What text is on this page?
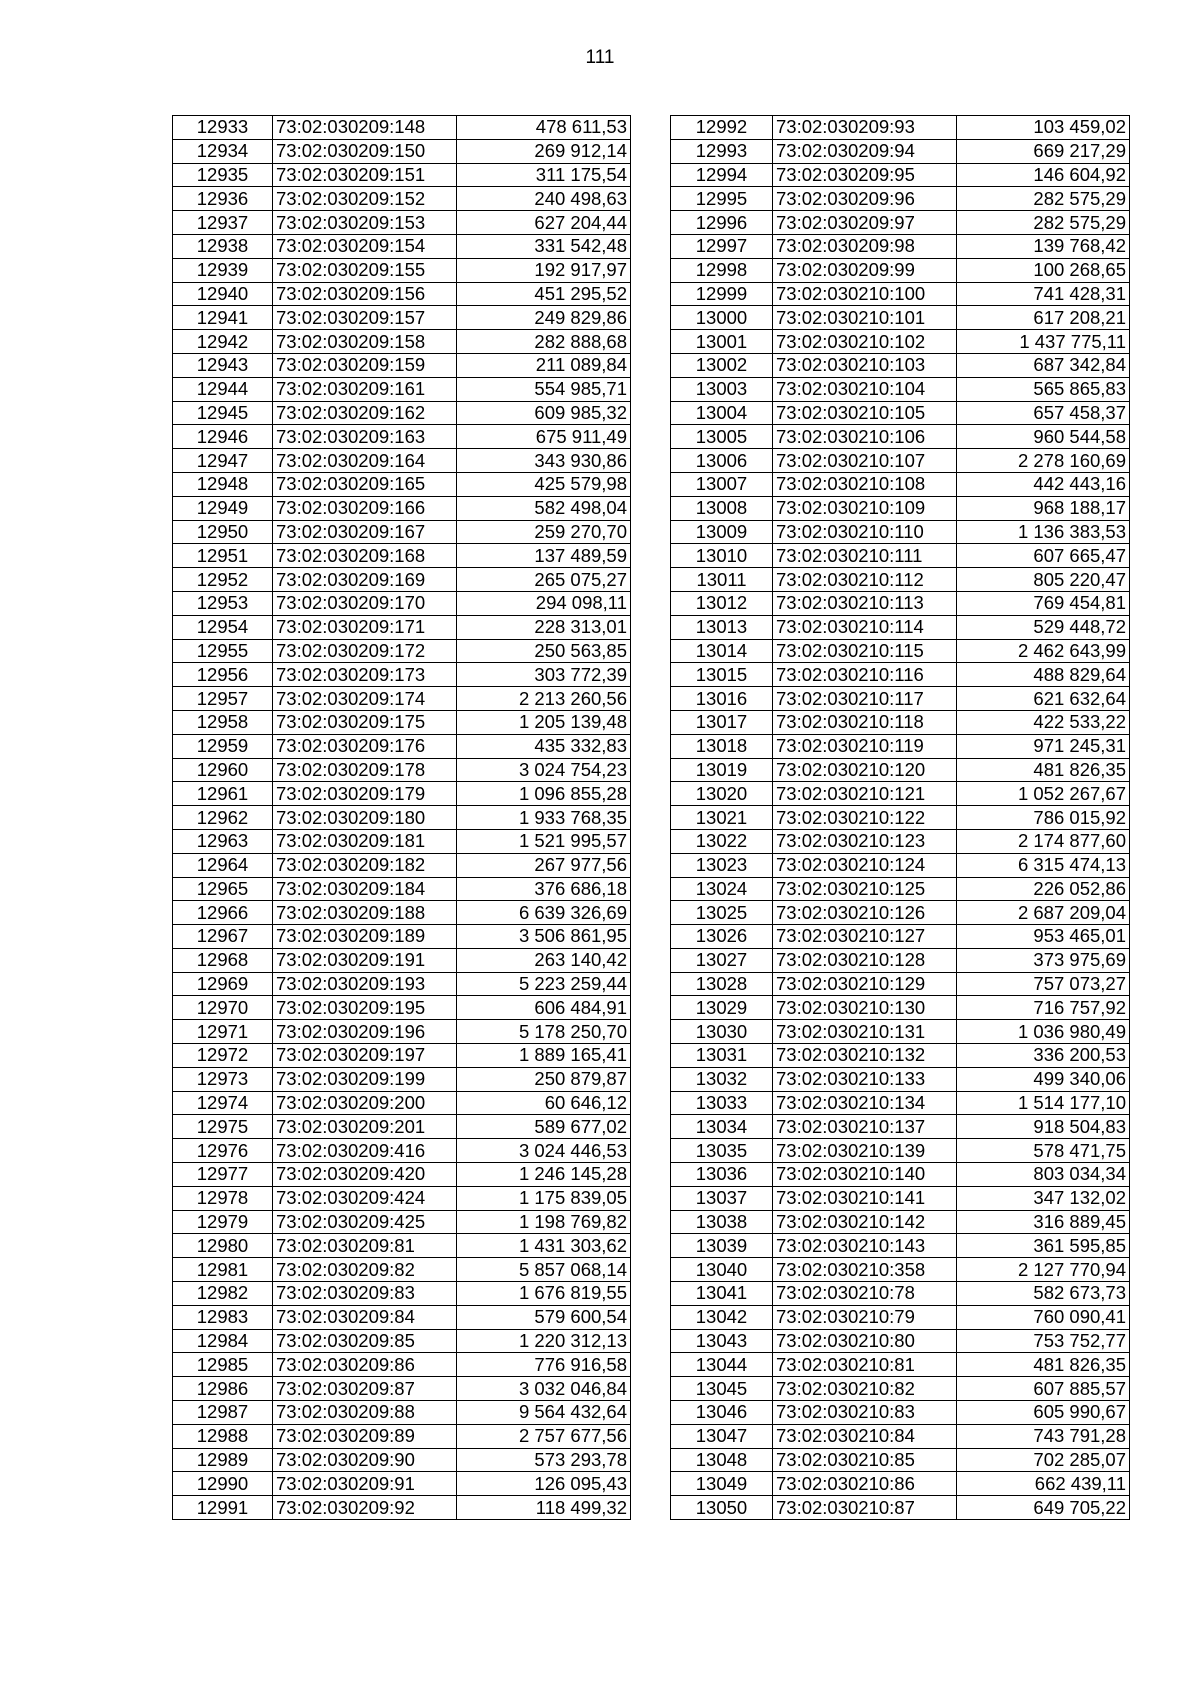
111
12933	73:02:030209:148	478 611,53
12934	73:02:030209:150	269 912,14
12935	73:02:030209:151	311 175,54
12936	73:02:030209:152	240 498,63
12937	73:02:030209:153	627 204,44
12938	73:02:030209:154	331 542,48
12939	73:02:030209:155	192 917,97
12940	73:02:030209:156	451 295,52
12941	73:02:030209:157	249 829,86
12942	73:02:030209:158	282 888,68
12943	73:02:030209:159	211 089,84
12944	73:02:030209:161	554 985,71
12945	73:02:030209:162	609 985,32
12946	73:02:030209:163	675 911,49
12947	73:02:030209:164	343 930,86
12948	73:02:030209:165	425 579,98
12949	73:02:030209:166	582 498,04
12950	73:02:030209:167	259 270,70
12951	73:02:030209:168	137 489,59
12952	73:02:030209:169	265 075,27
12953	73:02:030209:170	294 098,11
12954	73:02:030209:171	228 313,01
12955	73:02:030209:172	250 563,85
12956	73:02:030209:173	303 772,39
12957	73:02:030209:174	2 213 260,56
12958	73:02:030209:175	1 205 139,48
12959	73:02:030209:176	435 332,83
12960	73:02:030209:178	3 024 754,23
12961	73:02:030209:179	1 096 855,28
12962	73:02:030209:180	1 933 768,35
12963	73:02:030209:181	1 521 995,57
12964	73:02:030209:182	267 977,56
12965	73:02:030209:184	376 686,18
12966	73:02:030209:188	6 639 326,69
12967	73:02:030209:189	3 506 861,95
12968	73:02:030209:191	263 140,42
12969	73:02:030209:193	5 223 259,44
12970	73:02:030209:195	606 484,91
12971	73:02:030209:196	5 178 250,70
12972	73:02:030209:197	1 889 165,41
12973	73:02:030209:199	250 879,87
12974	73:02:030209:200	60 646,12
12975	73:02:030209:201	589 677,02
12976	73:02:030209:416	3 024 446,53
12977	73:02:030209:420	1 246 145,28
12978	73:02:030209:424	1 175 839,05
12979	73:02:030209:425	1 198 769,82
12980	73:02:030209:81	1 431 303,62
12981	73:02:030209:82	5 857 068,14
12982	73:02:030209:83	1 676 819,55
12983	73:02:030209:84	579 600,54
12984	73:02:030209:85	1 220 312,13
12985	73:02:030209:86	776 916,58
12986	73:02:030209:87	3 032 046,84
12987	73:02:030209:88	9 564 432,64
12988	73:02:030209:89	2 757 677,56
12989	73:02:030209:90	573 293,78
12990	73:02:030209:91	126 095,43
12991	73:02:030209:92	118 499,32
12992	73:02:030209:93	103 459,02
12993	73:02:030209:94	669 217,29
12994	73:02:030209:95	146 604,92
12995	73:02:030209:96	282 575,29
12996	73:02:030209:97	282 575,29
12997	73:02:030209:98	139 768,42
12998	73:02:030209:99	100 268,65
12999	73:02:030210:100	741 428,31
13000	73:02:030210:101	617 208,21
13001	73:02:030210:102	1 437 775,11
13002	73:02:030210:103	687 342,84
13003	73:02:030210:104	565 865,83
13004	73:02:030210:105	657 458,37
13005	73:02:030210:106	960 544,58
13006	73:02:030210:107	2 278 160,69
13007	73:02:030210:108	442 443,16
13008	73:02:030210:109	968 188,17
13009	73:02:030210:110	1 136 383,53
13010	73:02:030210:111	607 665,47
13011	73:02:030210:112	805 220,47
13012	73:02:030210:113	769 454,81
13013	73:02:030210:114	529 448,72
13014	73:02:030210:115	2 462 643,99
13015	73:02:030210:116	488 829,64
13016	73:02:030210:117	621 632,64
13017	73:02:030210:118	422 533,22
13018	73:02:030210:119	971 245,31
13019	73:02:030210:120	481 826,35
13020	73:02:030210:121	1 052 267,67
13021	73:02:030210:122	786 015,92
13022	73:02:030210:123	2 174 877,60
13023	73:02:030210:124	6 315 474,13
13024	73:02:030210:125	226 052,86
13025	73:02:030210:126	2 687 209,04
13026	73:02:030210:127	953 465,01
13027	73:02:030210:128	373 975,69
13028	73:02:030210:129	757 073,27
13029	73:02:030210:130	716 757,92
13030	73:02:030210:131	1 036 980,49
13031	73:02:030210:132	336 200,53
13032	73:02:030210:133	499 340,06
13033	73:02:030210:134	1 514 177,10
13034	73:02:030210:137	918 504,83
13035	73:02:030210:139	578 471,75
13036	73:02:030210:140	803 034,34
13037	73:02:030210:141	347 132,02
13038	73:02:030210:142	316 889,45
13039	73:02:030210:143	361 595,85
13040	73:02:030210:358	2 127 770,94
13041	73:02:030210:78	582 673,73
13042	73:02:030210:79	760 090,41
13043	73:02:030210:80	753 752,77
13044	73:02:030210:81	481 826,35
13045	73:02:030210:82	607 885,57
13046	73:02:030210:83	605 990,67
13047	73:02:030210:84	743 791,28
13048	73:02:030210:85	702 285,07
13049	73:02:030210:86	662 439,11
13050	73:02:030210:87	649 705,22
